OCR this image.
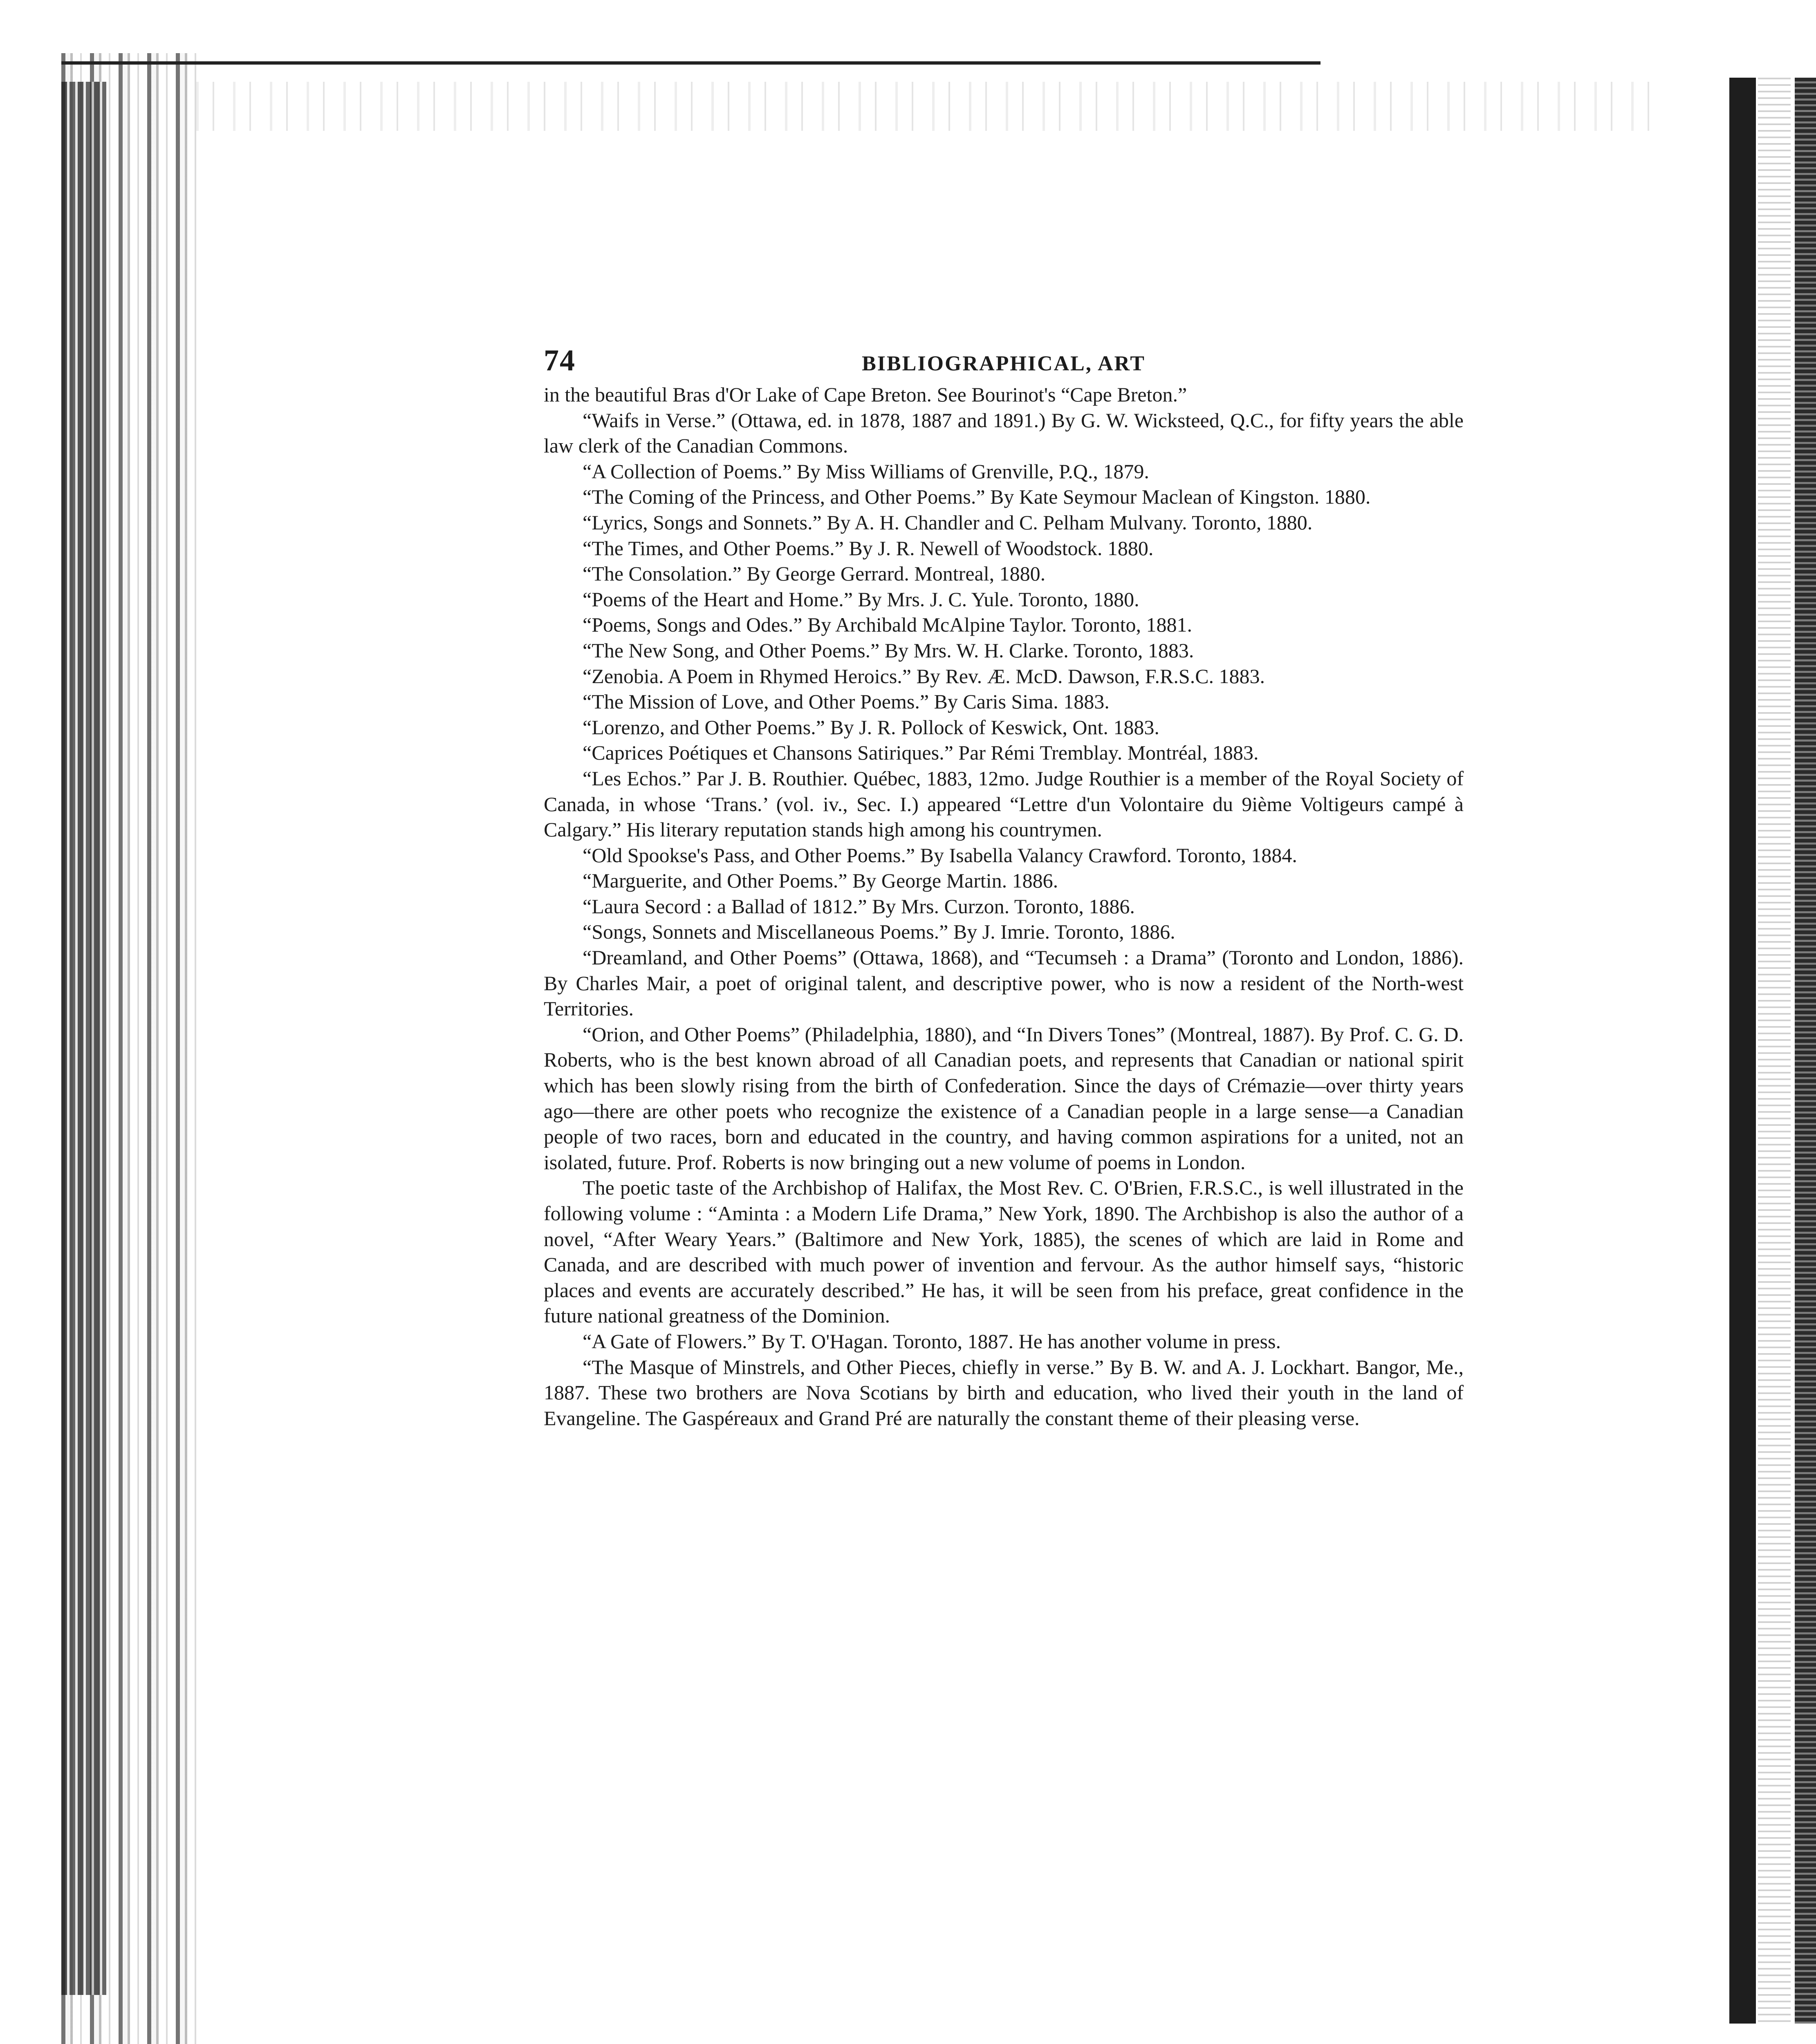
74	BIBLIOGRAPHICAL, ART

in the beautiful Bras d'Or Lake of Cape Breton. See Bourinot's “Cape Breton.”

“Waifs in Verse.” (Ottawa, ed. in 1878, 1887 and 1891.) By G. W. Wicksteed, Q.C., for fifty years the able law clerk of the Canadian Commons.

“A Collection of Poems.” By Miss Williams of Grenville, P.Q., 1879.

“The Coming of the Princess, and Other Poems.” By Kate Seymour Maclean of Kingston. 1880.

“Lyrics, Songs and Sonnets.” By A. H. Chandler and C. Pelham Mulvany. Toronto, 1880.

“The Times, and Other Poems.” By J. R. Newell of Woodstock. 1880.

“The Consolation.” By George Gerrard. Montreal, 1880.

“Poems of the Heart and Home.” By Mrs. J. C. Yule. Toronto, 1880.

“Poems, Songs and Odes.” By Archibald McAlpine Taylor. Toronto, 1881.

“The New Song, and Other Poems.” By Mrs. W. H. Clarke. Toronto, 1883.

“Zenobia. A Poem in Rhymed Heroics.” By Rev. Æ. McD. Dawson, F.R.S.C. 1883.

“The Mission of Love, and Other Poems.” By Caris Sima. 1883.

“Lorenzo, and Other Poems.” By J. R. Pollock of Keswick, Ont. 1883.

“Caprices Poétiques et Chansons Satiriques.” Par Rémi Tremblay. Montréal, 1883.

“Les Echos.” Par J. B. Routhier. Québec, 1883, 12mo. Judge Routhier is a member of the Royal Society of Canada, in whose ‘Trans.’ (vol. iv., Sec. I.) appeared “Lettre d'un Volontaire du 9ième Voltigeurs campé à Calgary.” His literary reputation stands high among his countrymen.

“Old Spookse's Pass, and Other Poems.” By Isabella Valancy Crawford. Toronto, 1884.

“Marguerite, and Other Poems.” By George Martin. 1886.

“Laura Secord : a Ballad of 1812.” By Mrs. Curzon. Toronto, 1886.

“Songs, Sonnets and Miscellaneous Poems.” By J. Imrie. Toronto, 1886.

“Dreamland, and Other Poems” (Ottawa, 1868), and “Tecumseh : a Drama” (Toronto and London, 1886). By Charles Mair, a poet of original talent, and descriptive power, who is now a resident of the North-west Territories.

“Orion, and Other Poems” (Philadelphia, 1880), and “In Divers Tones” (Montreal, 1887). By Prof. C. G. D. Roberts, who is the best known abroad of all Canadian poets, and represents that Canadian or national spirit which has been slowly rising from the birth of Confederation. Since the days of Crémazie—over thirty years ago—there are other poets who recognize the existence of a Canadian people in a large sense—a Canadian people of two races, born and educated in the country, and having common aspirations for a united, not an isolated, future. Prof. Roberts is now bringing out a new volume of poems in London.

The poetic taste of the Archbishop of Halifax, the Most Rev. C. O'Brien, F.R.S.C., is well illustrated in the following volume : “Aminta : a Modern Life Drama,” New York, 1890. The Archbishop is also the author of a novel, “After Weary Years.” (Baltimore and New York, 1885), the scenes of which are laid in Rome and Canada, and are described with much power of invention and fervour. As the author himself says, “historic places and events are accurately described.” He has, it will be seen from his preface, great confidence in the future national greatness of the Dominion.

“A Gate of Flowers.” By T. O'Hagan. Toronto, 1887. He has another volume in press.

“The Masque of Minstrels, and Other Pieces, chiefly in verse.” By B. W. and A. J. Lockhart. Bangor, Me., 1887. These two brothers are Nova Scotians by birth and education, who lived their youth in the land of Evangeline. The Gaspéreaux and Grand Pré are naturally the constant theme of their pleasing verse.
